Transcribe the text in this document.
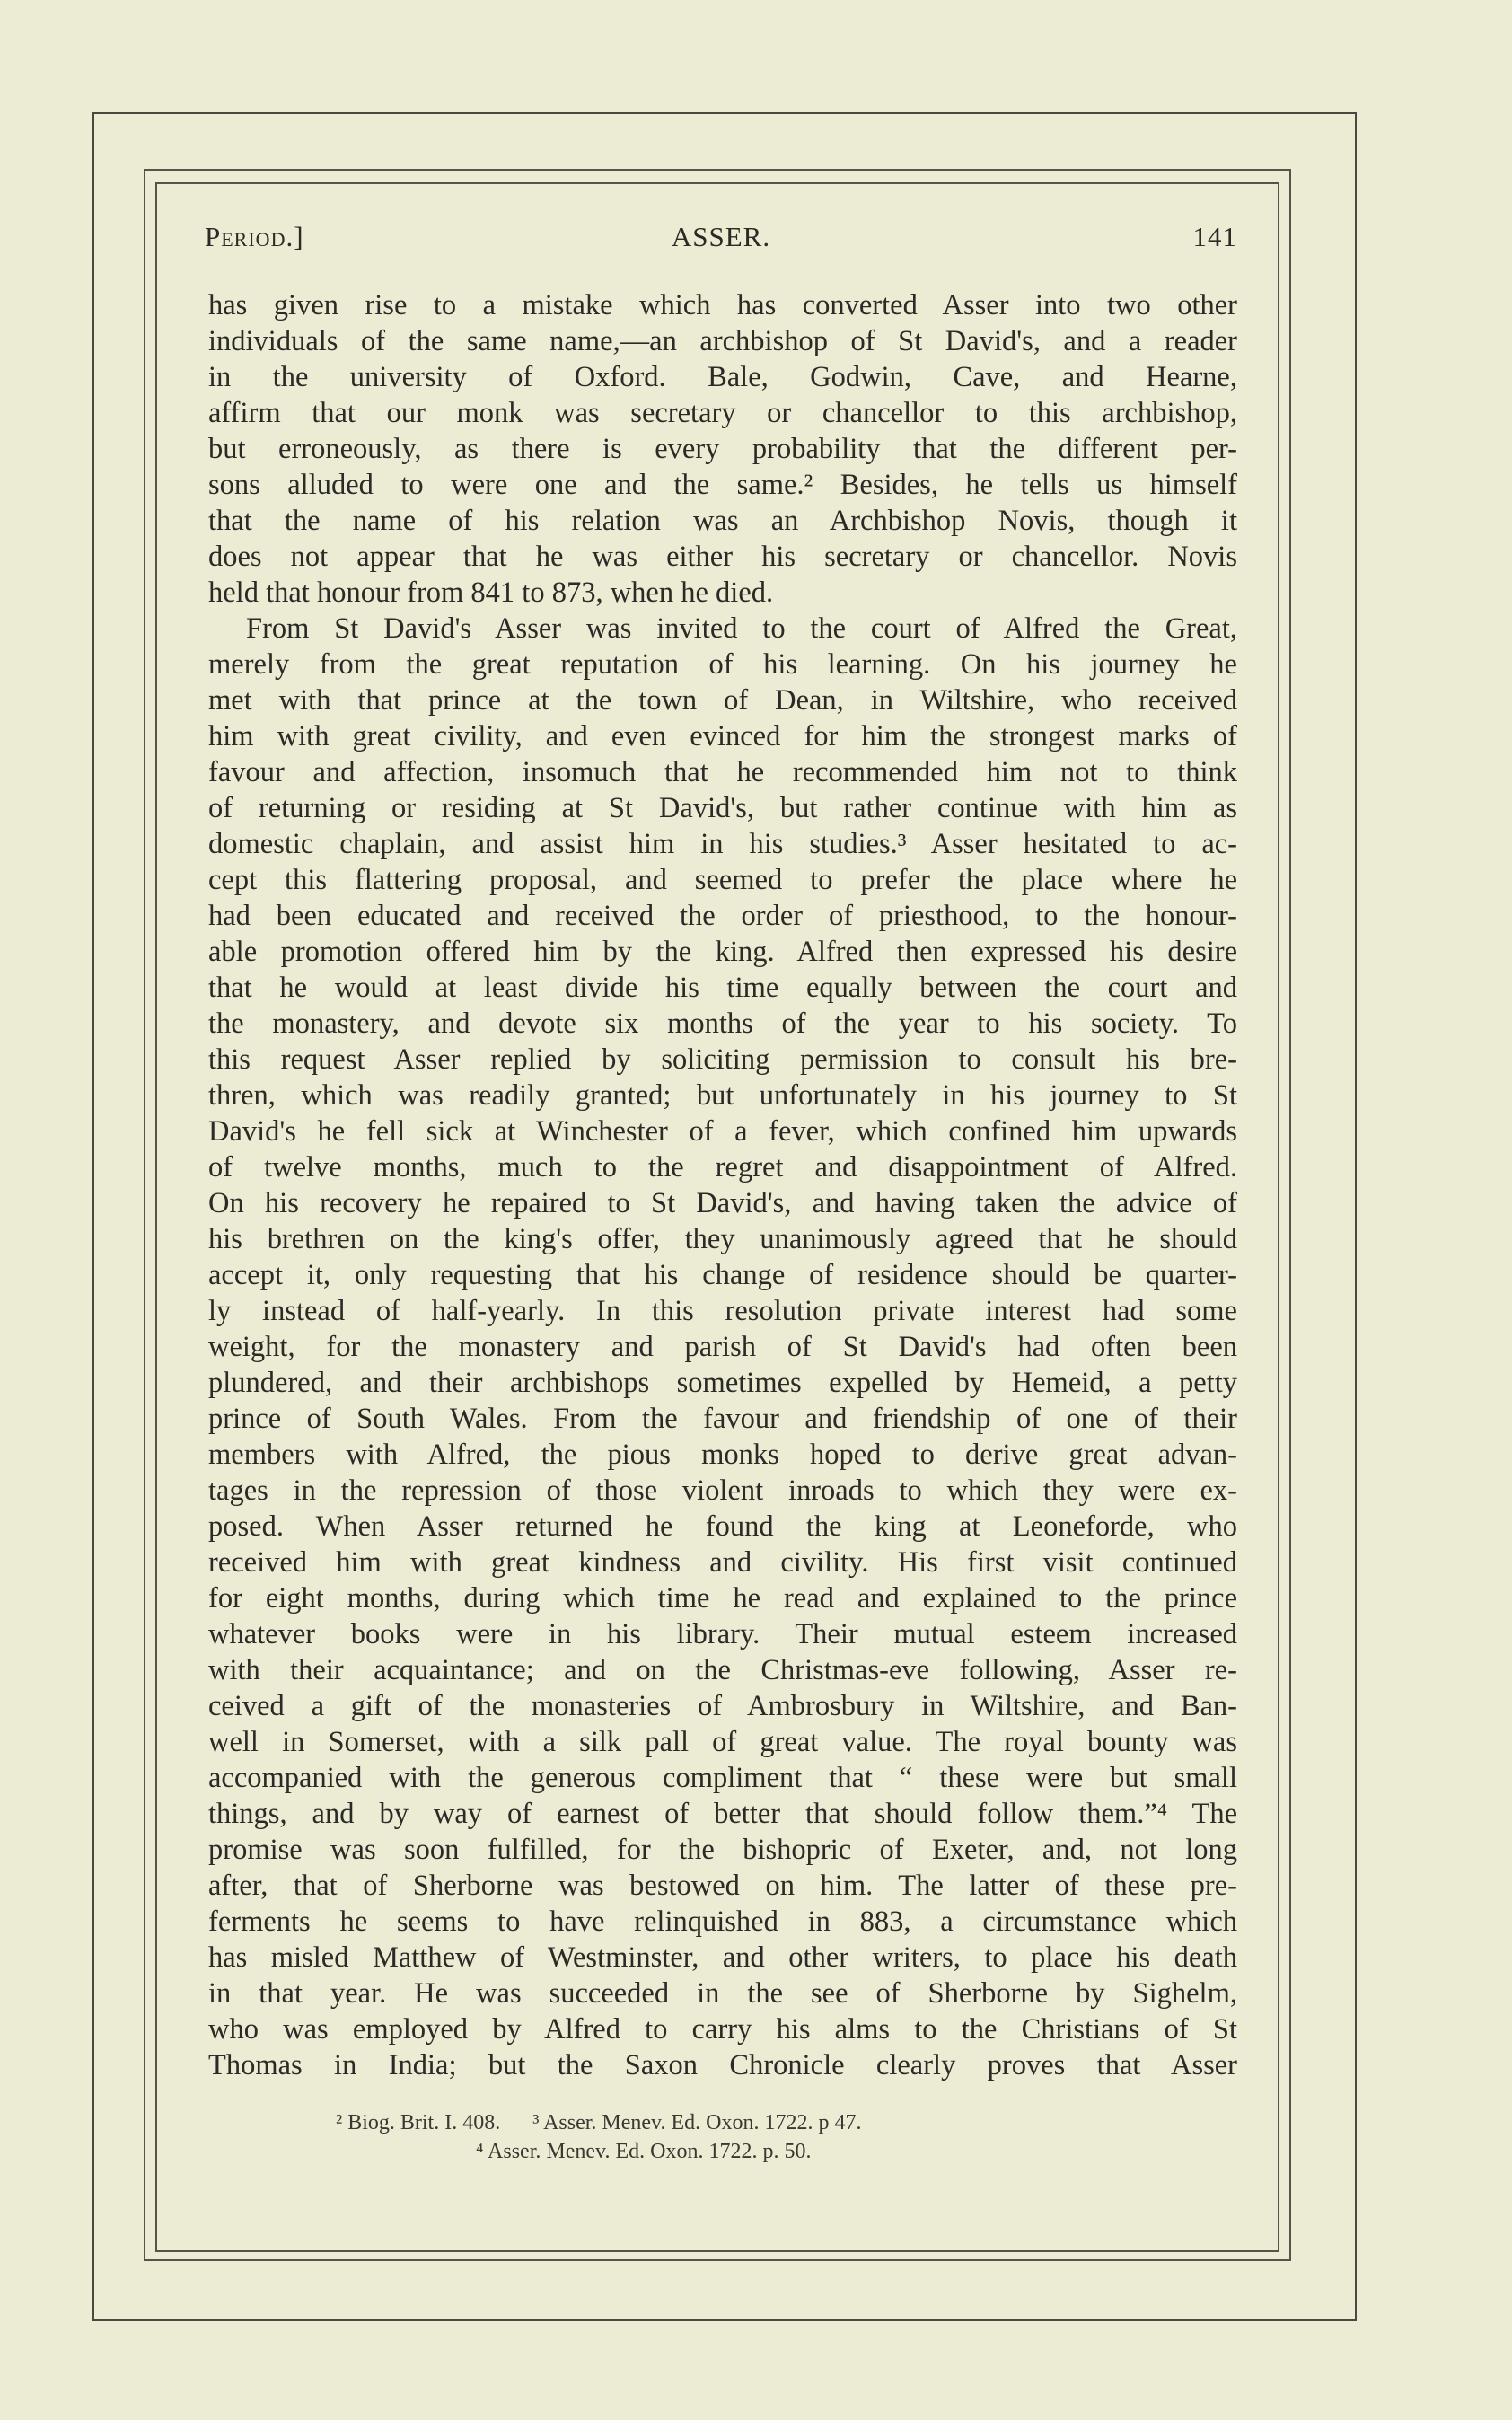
Period.]	ASSER.	141
has given rise to a mistake which has converted Asser into two other
individuals of the same name,—an archbishop of St David's, and a reader
in the university of Oxford. Bale, Godwin, Cave, and Hearne,
affirm that our monk was secretary or chancellor to this archbishop,
but erroneously, as there is every probability that the different per-
sons alluded to were one and the same.² Besides, he tells us himself
that the name of his relation was an Archbishop Novis, though it
does not appear that he was either his secretary or chancellor. Novis
held that honour from 841 to 873, when he died.
From St David's Asser was invited to the court of Alfred the Great,
merely from the great reputation of his learning. On his journey he
met with that prince at the town of Dean, in Wiltshire, who received
him with great civility, and even evinced for him the strongest marks of
favour and affection, insomuch that he recommended him not to think
of returning or residing at St David's, but rather continue with him as
domestic chaplain, and assist him in his studies.³ Asser hesitated to ac-
cept this flattering proposal, and seemed to prefer the place where he
had been educated and received the order of priesthood, to the honour-
able promotion offered him by the king. Alfred then expressed his desire
that he would at least divide his time equally between the court and
the monastery, and devote six months of the year to his society. To
this request Asser replied by soliciting permission to consult his bre-
thren, which was readily granted; but unfortunately in his journey to St
David's he fell sick at Winchester of a fever, which confined him upwards
of twelve months, much to the regret and disappointment of Alfred.
On his recovery he repaired to St David's, and having taken the advice of
his brethren on the king's offer, they unanimously agreed that he should
accept it, only requesting that his change of residence should be quarter-
ly instead of half-yearly. In this resolution private interest had some
weight, for the monastery and parish of St David's had often been
plundered, and their archbishops sometimes expelled by Hemeid, a petty
prince of South Wales. From the favour and friendship of one of their
members with Alfred, the pious monks hoped to derive great advan-
tages in the repression of those violent inroads to which they were ex-
posed. When Asser returned he found the king at Leoneforde, who
received him with great kindness and civility. His first visit continued
for eight months, during which time he read and explained to the prince
whatever books were in his library. Their mutual esteem increased
with their acquaintance; and on the Christmas-eve following, Asser re-
ceived a gift of the monasteries of Ambrosbury in Wiltshire, and Ban-
well in Somerset, with a silk pall of great value. The royal bounty was
accompanied with the generous compliment that “ these were but small
things, and by way of earnest of better that should follow them.”⁴ The
promise was soon fulfilled, for the bishopric of Exeter, and, not long
after, that of Sherborne was bestowed on him. The latter of these pre-
ferments he seems to have relinquished in 883, a circumstance which
has misled Matthew of Westminster, and other writers, to place his death
in that year. He was succeeded in the see of Sherborne by Sighelm,
who was employed by Alfred to carry his alms to the Christians of St
Thomas in India; but the Saxon Chronicle clearly proves that Asser
² Biog. Brit. I. 408. ³ Asser. Menev. Ed. Oxon. 1722. p 47.
⁴ Asser. Menev. Ed. Oxon. 1722. p. 50.
